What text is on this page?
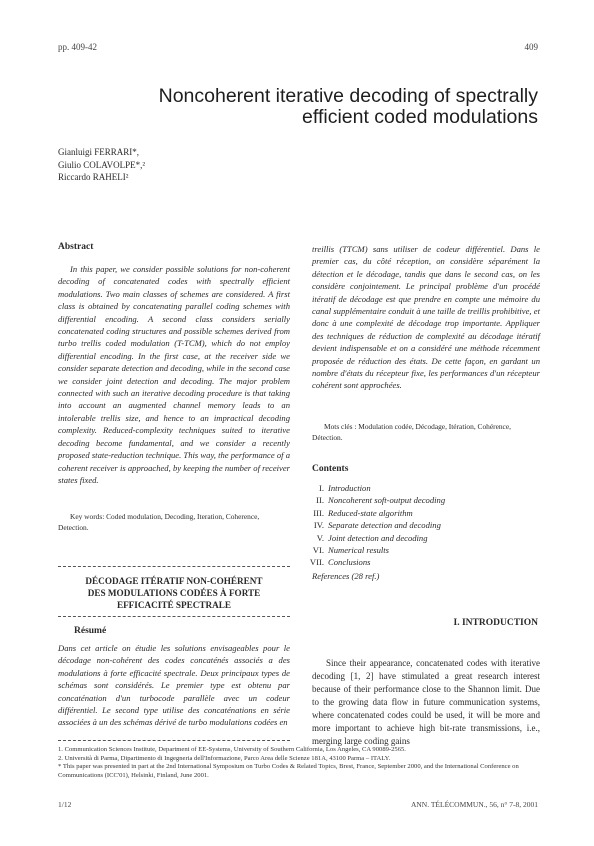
pp. 409-42	409
Noncoherent iterative decoding of spectrally
efficient coded modulations
Gianluigi FERRARI*,
Giulio COLAVOLPE*,²
Riccardo RAHELI²
Abstract

In this paper, we consider possible solutions for non-coherent decoding of concatenated codes with spectrally efficient modulations. Two main classes of schemes are considered. A first class is obtained by concatenating parallel coding schemes with differential encoding. A second class considers serially concatenated coding structures and possible schemes derived from turbo trellis coded modulation (T-TCM), which do not employ differential encoding. In the first case, at the receiver side we consider separate detection and decoding, while in the second case we consider joint detection and decoding. The major problem connected with such an iterative decoding procedure is that taking into account an augmented channel memory leads to an intolerable trellis size, and hence to an impractical decoding complexity. Reduced-complexity techniques suited to iterative decoding become fundamental, and we consider a recently proposed state-reduction technique. This way, the performance of a coherent receiver is approached, by keeping the number of receiver states fixed.

Key words: Coded modulation, Decoding, Iteration, Coherence, Detection.
DÉCODAGE ITÉRATIF NON-COHÉRENT
DES MODULATIONS CODÉES À FORTE
EFFICACITÉ SPECTRALE
Résumé

Dans cet article on étudie les solutions envisageables pour le décodage non-cohérent des codes concaténés associés a des modulations à forte efficacité spectrale. Deux principaux types de schémas sont considérés. Le premier type est obtenu par concaténation d'un turbocode parallèle avec un codeur différentiel. Le second type utilise des concaténations en série associées à un des schémas dérivé de turbo modulations codées en

treillis (TTCM) sans utiliser de codeur différentiel. Dans le premier cas, du côté réception, on considère séparément la détection et le décodage, tandis que dans le second cas, on les considère conjointement. Le principal problème d'un procédé itératif de décodage est que prendre en compte une mémoire du canal supplémentaire conduit à une taille de treillis prohibitive, et donc à une complexité de décodage trop importante. Appliquer des techniques de réduction de complexité au décodage itératif devient indispensable et on a considéré une méthode récemment proposée de réduction des états. De cette façon, en gardant un nombre d'états du récepteur fixe, les performances d'un récepteur cohérent sont approchées.

Mots clés : Modulation codée, Décodage, Itération, Cohérence, Détection.
Contents
I. Introduction
II. Noncoherent soft-output decoding
III. Reduced-state algorithm
IV. Separate detection and decoding
V. Joint detection and decoding
VI. Numerical results
VII. Conclusions
References (28 ref.)
I. INTRODUCTION

Since their appearance, concatenated codes with iterative decoding [1, 2] have stimulated a great research interest because of their performance close to the Shannon limit. Due to the growing data flow in future communication systems, where concatenated codes could be used, it will be more and more important to achieve high bit-rate transmissions, i.e., merging large coding gains

1. Communication Sciences Institute, Department of EE-Systems, University of Southern California, Los Angeles, CA 90089-2565.
2. Università di Parma, Dipartimento di Ingegneria dell'Informazione, Parco Area delle Scienze 181A, 43100 Parma – ITALY.
* This paper was presented in part at the 2nd International Symposium on Turbo Codes & Related Topics, Brest, France, September 2000, and the International Conference on Communications (ICC'01), Helsinki, Finland, June 2001.
1/12	ANN. TÉLÉCOMMUN., 56, n° 7-8, 2001
